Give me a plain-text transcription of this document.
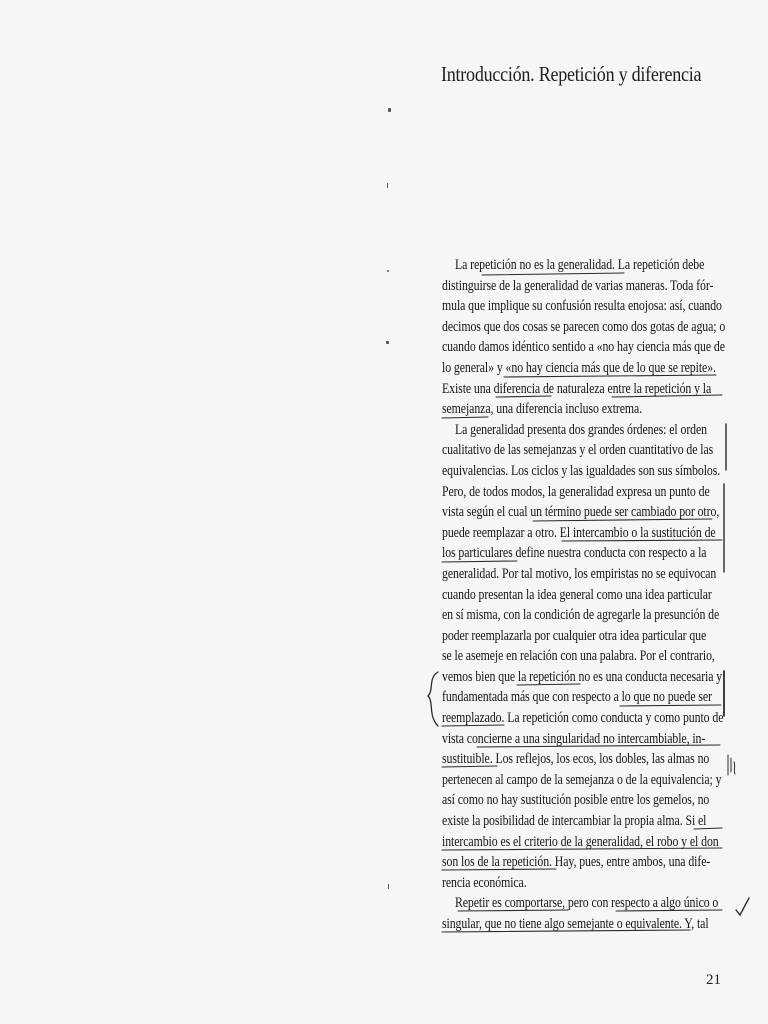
Introducción. Repetición y diferencia
La repetición no es la generalidad. La repetición debe
distinguirse de la generalidad de varias maneras. Toda fór-
mula que implique su confusión resulta enojosa: así, cuando
decimos que dos cosas se parecen como dos gotas de agua; o
cuando damos idéntico sentido a «no hay ciencia más que de
lo general» y «no hay ciencia más que de lo que se repite».
Existe una diferencia de naturaleza entre la repetición y la
semejanza, una diferencia incluso extrema.
La generalidad presenta dos grandes órdenes: el orden
cualitativo de las semejanzas y el orden cuantitativo de las
equivalencias. Los ciclos y las igualdades son sus símbolos.
Pero, de todos modos, la generalidad expresa un punto de
vista según el cual un término puede ser cambiado por otro,
puede reemplazar a otro. El intercambio o la sustitución de
los particulares define nuestra conducta con respecto a la
generalidad. Por tal motivo, los empiristas no se equivocan
cuando presentan la idea general como una idea particular
en sí misma, con la condición de agregarle la presunción de
poder reemplazarla por cualquier otra idea particular que
se le asemeje en relación con una palabra. Por el contrario,
vemos bien que la repetición no es una conducta necesaria y
fundamentada más que con respecto a lo que no puede ser
reemplazado. La repetición como conducta y como punto de
vista concierne a una singularidad no intercambiable, in-
sustituible. Los reflejos, los ecos, los dobles, las almas no
pertenecen al campo de la semejanza o de la equivalencia; y
así como no hay sustitución posible entre los gemelos, no
existe la posibilidad de intercambiar la propia alma. Si el
intercambio es el criterio de la generalidad, el robo y el don
son los de la repetición. Hay, pues, entre ambos, una dife-
rencia económica.
Repetir es comportarse, pero con respecto a algo único o
singular, que no tiene algo semejante o equivalente. Y, tal
21
